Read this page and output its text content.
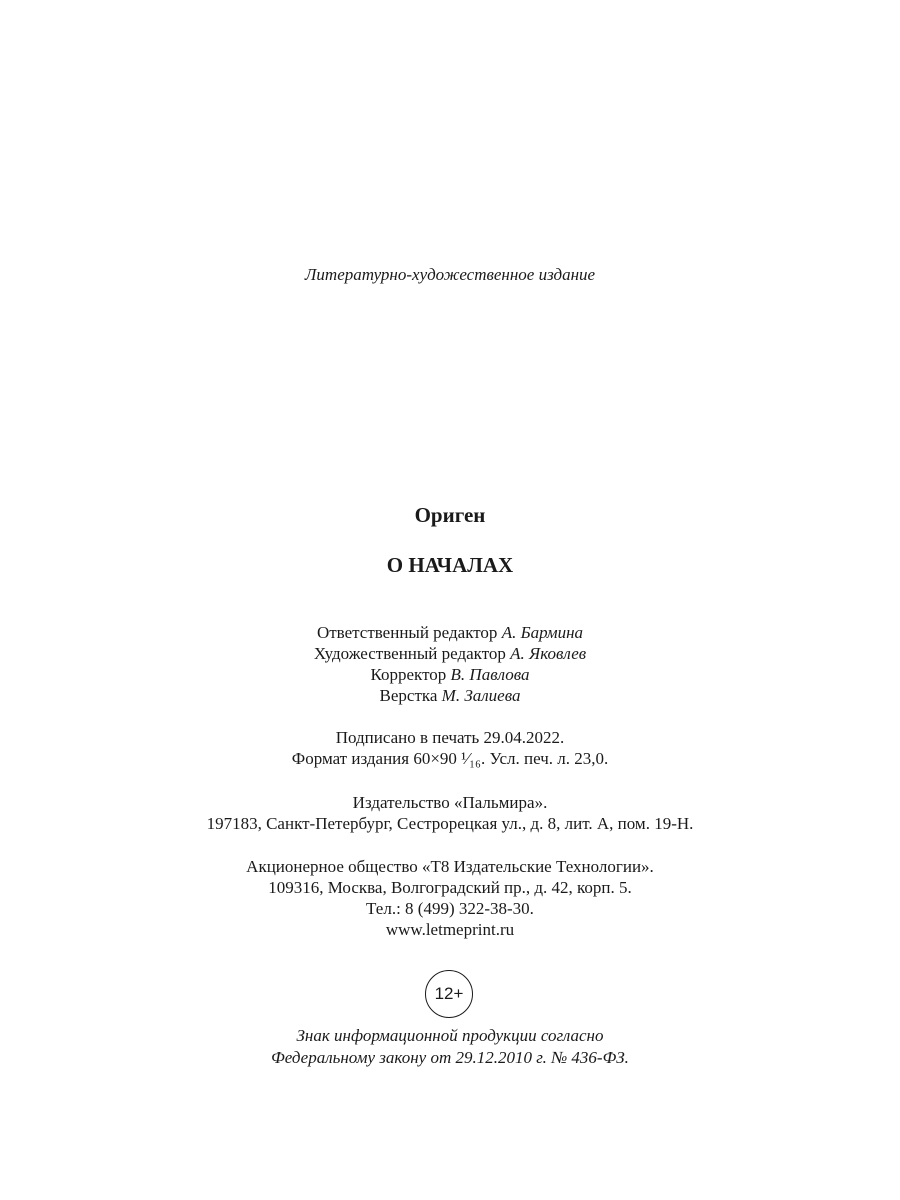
Литературно-художественное издание
Ориген
О НАЧАЛАХ
Ответственный редактор А. Бармина
Художественный редактор А. Яковлев
Корректор В. Павлова
Верстка М. Залиева
Подписано в печать 29.04.2022.
Формат издания 60×90 ¹⁄₁₆. Усл. печ. л. 23,0.
Издательство «Пальмира».
197183, Санкт-Петербург, Сестрорецкая ул., д. 8, лит. А, пом. 19-Н.
Акционерное общество «Т8 Издательские Технологии».
109316, Москва, Волгоградский пр., д. 42, корп. 5.
Тел.: 8 (499) 322-38-30.
www.letmeprint.ru
12+
Знак информационной продукции согласно
Федеральному закону от 29.12.2010 г. № 436-ФЗ.
